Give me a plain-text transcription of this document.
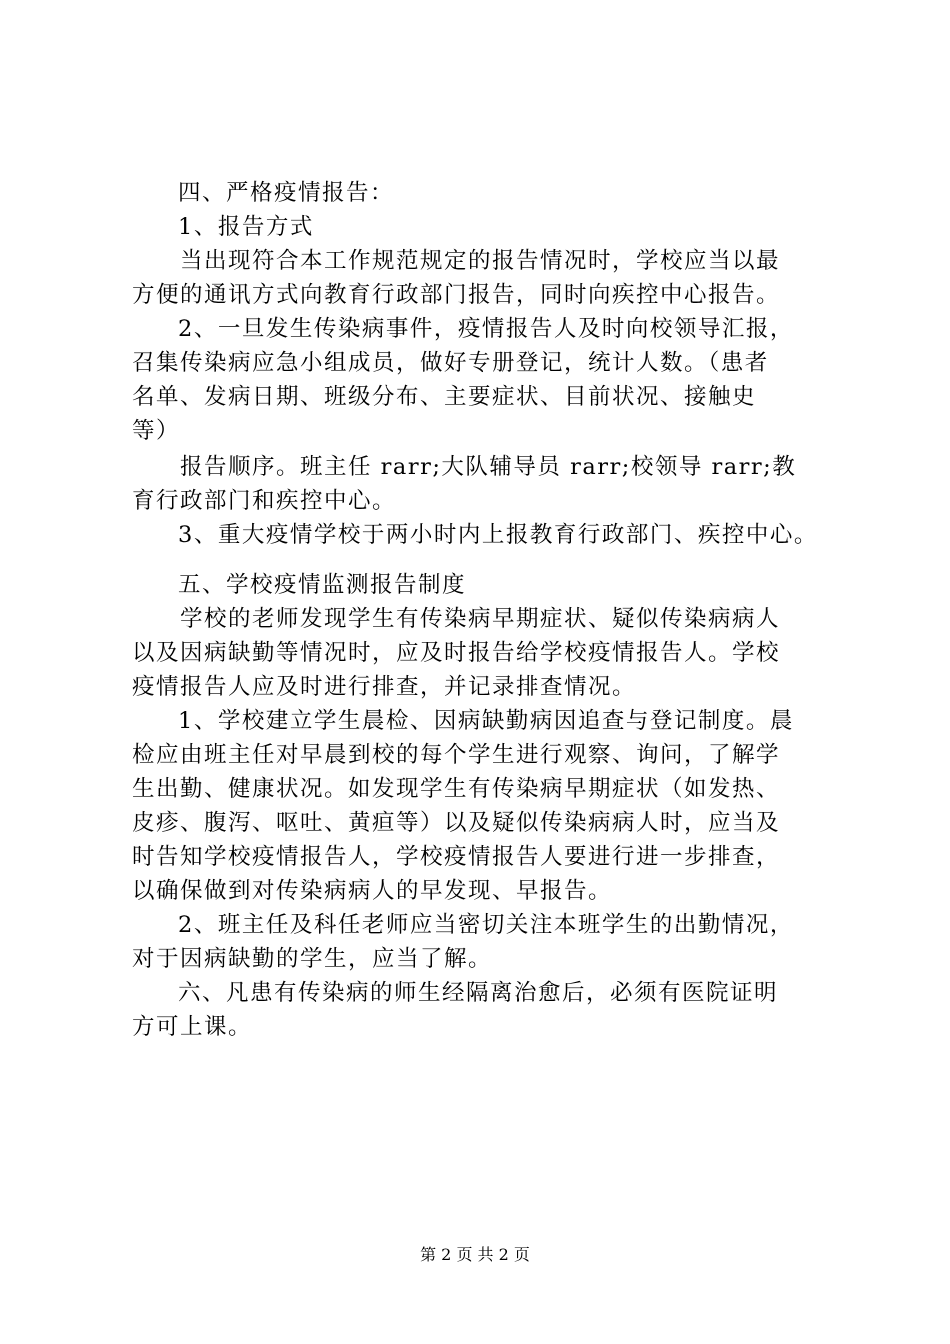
四、严格疫情报告：
1、报告方式
当出现符合本工作规范规定的报告情况时，学校应当以最
方便的通讯方式向教育行政部门报告，同时向疾控中心报告。
2、一旦发生传染病事件，疫情报告人及时向校领导汇报，
召集传染病应急小组成员，做好专册登记，统计人数。（患者
名单、发病日期、班级分布、主要症状、目前状况、接触史
等）
报告顺序。班主任 rarr;大队辅导员 rarr;校领导 rarr;教
育行政部门和疾控中心。
3、重大疫情学校于两小时内上报教育行政部门、疾控中心。
五、学校疫情监测报告制度
学校的老师发现学生有传染病早期症状、疑似传染病病人
以及因病缺勤等情况时，应及时报告给学校疫情报告人。学校
疫情报告人应及时进行排查，并记录排查情况。
1、学校建立学生晨检、因病缺勤病因追查与登记制度。晨
检应由班主任对早晨到校的每个学生进行观察、询问，了解学
生出勤、健康状况。如发现学生有传染病早期症状（如发热、
皮疹、腹泻、呕吐、黄疸等）以及疑似传染病病人时，应当及
时告知学校疫情报告人，学校疫情报告人要进行进一步排查，
以确保做到对传染病病人的早发现、早报告。
2、班主任及科任老师应当密切关注本班学生的出勤情况，
对于因病缺勤的学生，应当了解。
六、凡患有传染病的师生经隔离治愈后，必须有医院证明
方可上课。
第 2 页 共 2 页
